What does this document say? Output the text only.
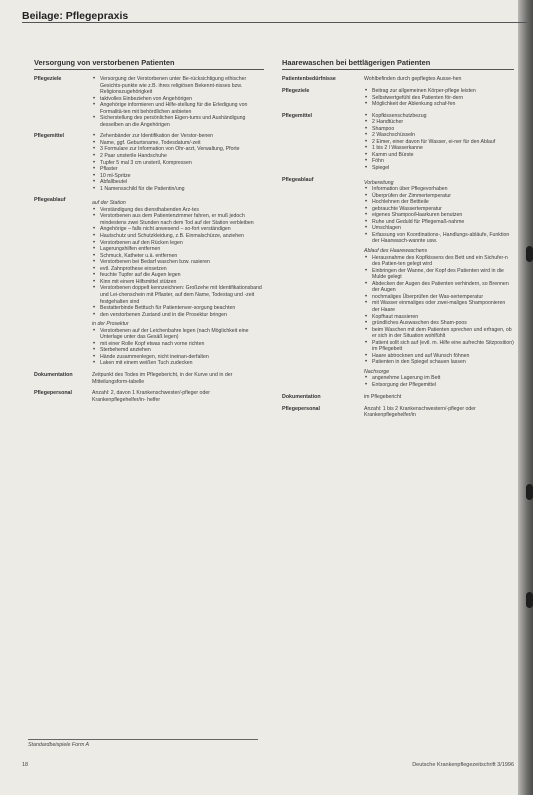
Beilage: Pflegepraxis
Versorgung von verstorbenen Patienten
Pflegeziele	• Versorgung der Verstorbenen unter Be-rücksichtigung ethischer Gesichts-punkte wie z.B. ihres religiösen Bekennt-nisses bzw. Religionszugehörigkeit
• taktvolles Einbeziehen von Angehörigen
• Angehörige informieren und Hilfe-stellung für die Erledigung von Formalitä-ten mit behördlichen anbieten
• Sicherstellung des persönlichen Eigen-tums und Aushändigung desselben an die Angehörigen
Pflegemittel	• Zehenbänder zur Identifikation der Verstor-benen
• Name, ggf. Geburtsname, Todesdatum/-zeit
• 3 Formulare zur Information von Ohr-arzt, Verwaltung, Pforte
• 2 Paar unsterile Handschuhe
• Tupfer 5 mal 3 cm unsteril, Kompressen
• Pflaster
• 10 ml-Spritze
• Abfallbeutel
• 1 Namensschild für die Patientin/ung
Pflegeablauf	auf der Station
• Verständigung des diensthabenden Arz-tes
• Verstorbenen aus dem Patientenzimmer fahren, er muß jedoch mindestens zwei Stunden nach dem Tod auf der Station verbleiben
• Angehörige – falls nicht anwesend – so-fort verständigen
• Hautschutz und Schutzkleidung, z.B. Einmalschürze, anziehen
• Verstorbenen auf den Rücken legen
• Lagerungshilfen entfernen
• Schmuck, Katheter u.ä. entfernen
• Verstorbenen bei Bedarf waschen bzw. rasieren
• evtl. Zahnprothese einsetzen
• feuchte Tupfer auf die Augen legen
• Kinn mit einem Hilfsmittel stützen
• Verstorbenen doppelt kennzeichnen: Großzehe mit Identifikationsband und Lei-chenschein mit Pflaster, auf dem Name, Todestag und -zeit festgehalten sind
• Bestatterbinde Betttuch für Patientenver-sorgung beachten
• den verstorbenen Zustand und in die Prosektur bringen
in der Prosektur
• Verstorbenen auf der Leichenbahre legen (nach Möglichkeit eine Unterlage unter das Gesäß legen)
• mit einer Rolle Kopf etwas nach vorne richten
• Sterbehemd anziehen
• Hände zusammenlegen, nicht ineinan-derfalten
• Laken mit einem weißen Tuch zudecken
Dokumentation	Zeitpunkt des Todes im Pflegebericht, in der Kurve und in der Mitteilungsform-tabelle

Pflegepersonal	Anzahl: 2, davon 1 Krankenschwester/-pfleger oder Krankenpflegehelfer/in- helfer

Haarewaschen bei bettlägerigen Patienten
Patientenbedürfnisse	Wohlbefinden durch gepflegtes Ausse-hen

Pflegeziele	• Beitrag zur allgemeinen Körper-pflege leisten
• Selbstwertgefühl des Patienten för-dern
• Möglichkeit der Ablenkung schaf-fen
Pflegemittel	• Kopfkissenschutzbezug
• 2 Handtücher
• Shampoo
• 2 Waschschüsseln
• 2 Eimer, einer davon für Wasser, ei-ner für den Ablauf
• 1 bis 2 l Wasserkanne
• Kamm und Bürste
• Föhn
• Spiegel
Pflegeablauf	Vorbereitung
• Information über Pflegevorhaben
• Überprüfen der Zimmertemperatur
• Hochlehnen der Bettteile
• gebrauchte Wassertemperatur
• eigenes Shampoo/Haarkuren benutzen
• Ruhe und Geduld für Pflegemaß-nahme
• Umschlagen
• Erfassung von Koordinations-, Handlungs-abläufe, Funktion der Haarwasch-wannte usw.
Ablauf des Haarewaschens
• Herausnahme des Kopfkissens des Bett und ein Sichufer-n des Patien-ten gelegt wird
• Einbringen der Wanne, der Kopf des Patienten wird in die Mulde gelegt
• Abdecken der Augen des Patienten verhindern, so Brennen der Augen
• nochmaliges Überprüfen der Was-sertemperatur
• mit Wasser einmaliges oder zwei-maliges Shampoonieren der Haare
• Kopfhaut massieren
• gründliches Auswaschen des Sham-poos
• beim Waschen mit dem Patienten sprechen und erfragen, ob er sich in der Situation wohlfühlt
• Patient sollt sich auf (evtl. m. Hilfe eine aufrechte Sitzposition) im Pflegebett
• Haare abtrocknen und auf Wunsch föhnen
• Patienten in den Spiegel schauen lassen
Nachsorge
• angenehme Lagerung im Bett
• Entsorgung der Pflegemittel
Dokumentation	im Pflegebericht

Pflegepersonal	Anzahl: 1 bis 2 Krankenschwestern/-pfleger oder Krankenpflegehelfer/in

Standardbeispiele Form A
18	Deutsche Krankenpflegezeitschrift 3/1996
